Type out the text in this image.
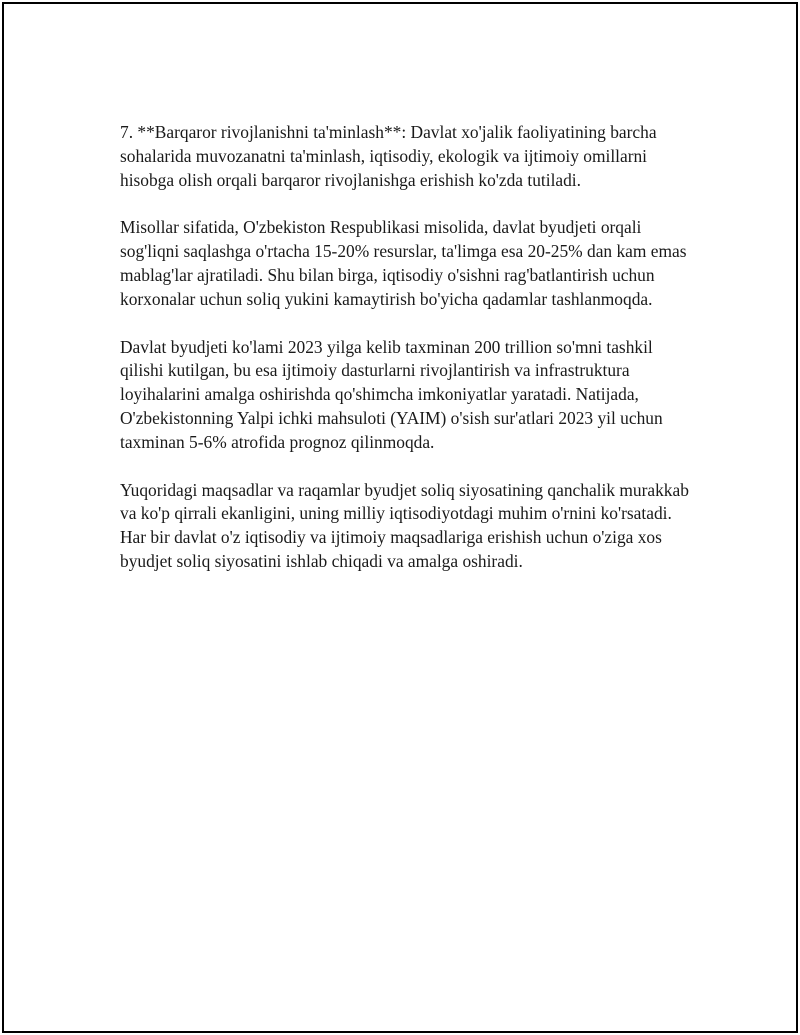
7. **Barqaror rivojlanishni ta'minlash**: Davlat xo'jalik faoliyatining barcha sohalarida muvozanatni ta'minlash, iqtisodiy, ekologik va ijtimoiy omillarni hisobga olish orqali barqaror rivojlanishga erishish ko'zda tutiladi.

Misollar sifatida, O'zbekiston Respublikasi misolida, davlat byudjeti orqali sog'liqni saqlashga o'rtacha 15-20% resurslar, ta'limga esa 20-25% dan kam emas mablag'lar ajratiladi. Shu bilan birga, iqtisodiy o'sishni rag'batlantirish uchun korxonalar uchun soliq yukini kamaytirish bo'yicha qadamlar tashlanmoqda.

Davlat byudjeti ko'lami 2023 yilga kelib taxminan 200 trillion so'mni tashkil qilishi kutilgan, bu esa ijtimoiy dasturlarni rivojlantirish va infrastruktura loyihalarini amalga oshirishda qo'shimcha imkoniyatlar yaratadi. Natijada, O'zbekistonning Yalpi ichki mahsuloti (YAIM) o'sish sur'atlari 2023 yil uchun taxminan 5-6% atrofida prognoz qilinmoqda.

Yuqoridagi maqsadlar va raqamlar byudjet soliq siyosatining qanchalik murakkab va ko'p qirrali ekanligini, uning milliy iqtisodiyotdagi muhim o'rnini ko'rsatadi. Har bir davlat o'z iqtisodiy va ijtimoiy maqsadlariga erishish uchun o'ziga xos byudjet soliq siyosatini ishlab chiqadi va amalga oshiradi.
